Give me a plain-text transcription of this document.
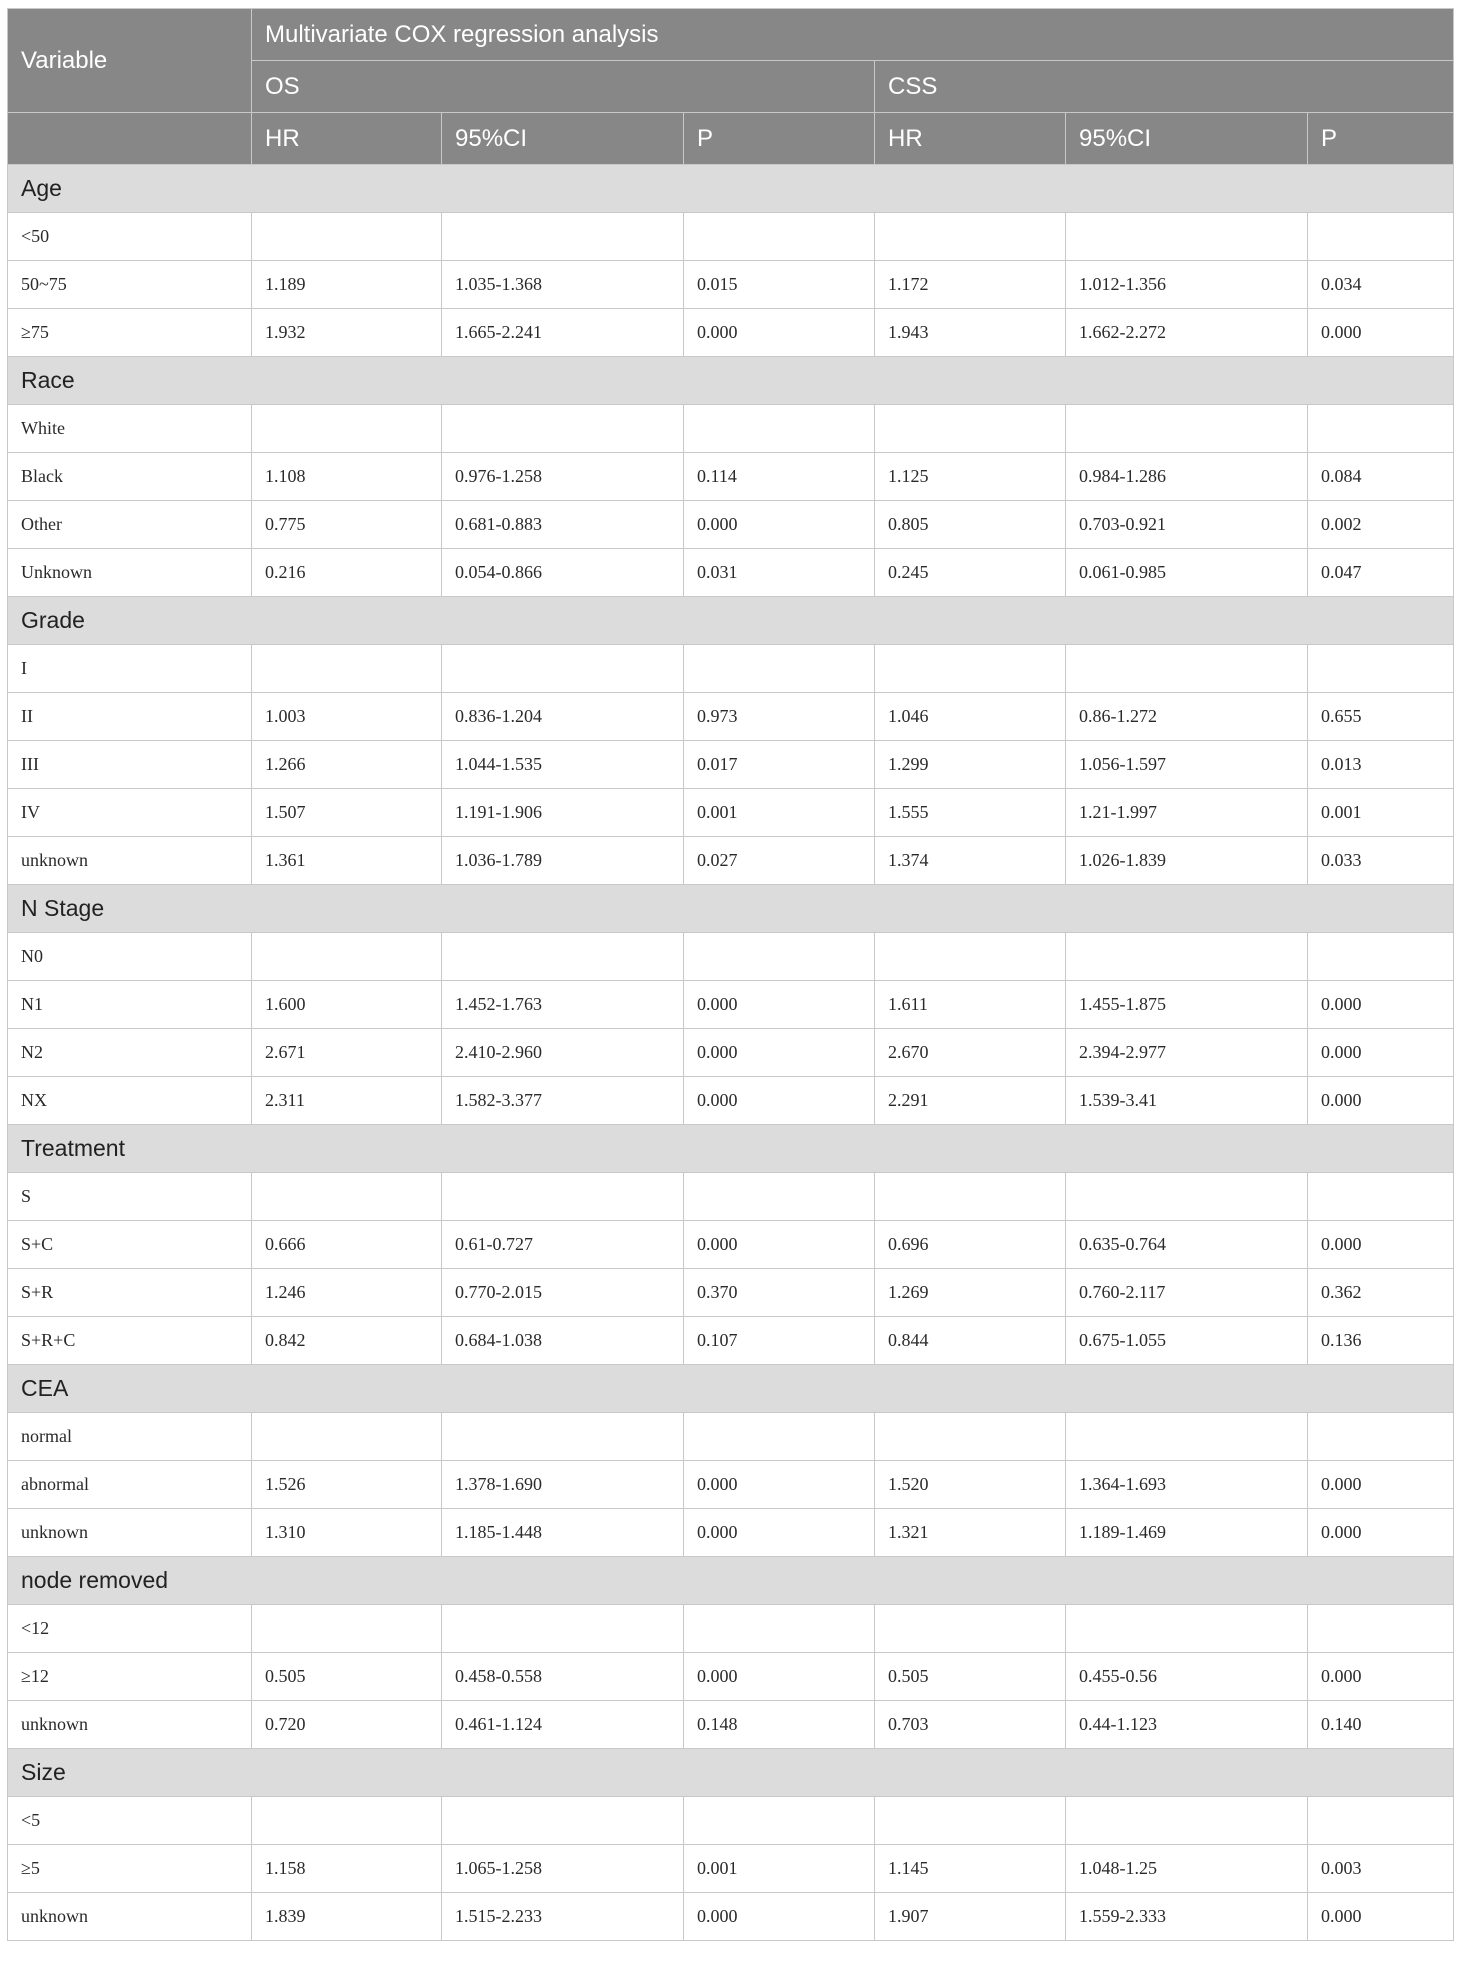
Variable	Multivariate COX regression analysis					
	OS			CSS		
	HR	95%CI	P	HR	95%CI	P
Age						
<50						
50~75	1.189	1.035-1.368	0.015	1.172	1.012-1.356	0.034
≥75	1.932	1.665-2.241	0.000	1.943	1.662-2.272	0.000
Race						
White						
Black	1.108	0.976-1.258	0.114	1.125	0.984-1.286	0.084
Other	0.775	0.681-0.883	0.000	0.805	0.703-0.921	0.002
Unknown	0.216	0.054-0.866	0.031	0.245	0.061-0.985	0.047
Grade						
I						
II	1.003	0.836-1.204	0.973	1.046	0.86-1.272	0.655
III	1.266	1.044-1.535	0.017	1.299	1.056-1.597	0.013
IV	1.507	1.191-1.906	0.001	1.555	1.21-1.997	0.001
unknown	1.361	1.036-1.789	0.027	1.374	1.026-1.839	0.033
N Stage						
N0						
N1	1.600	1.452-1.763	0.000	1.611	1.455-1.875	0.000
N2	2.671	2.410-2.960	0.000	2.670	2.394-2.977	0.000
NX	2.311	1.582-3.377	0.000	2.291	1.539-3.41	0.000
Treatment						
S						
S+C	0.666	0.61-0.727	0.000	0.696	0.635-0.764	0.000
S+R	1.246	0.770-2.015	0.370	1.269	0.760-2.117	0.362
S+R+C	0.842	0.684-1.038	0.107	0.844	0.675-1.055	0.136
CEA						
normal						
abnormal	1.526	1.378-1.690	0.000	1.520	1.364-1.693	0.000
unknown	1.310	1.185-1.448	0.000	1.321	1.189-1.469	0.000
node removed						
<12						
≥12	0.505	0.458-0.558	0.000	0.505	0.455-0.56	0.000
unknown	0.720	0.461-1.124	0.148	0.703	0.44-1.123	0.140
Size						
<5						
≥5	1.158	1.065-1.258	0.001	1.145	1.048-1.25	0.003
unknown	1.839	1.515-2.233	0.000	1.907	1.559-2.333	0.000
